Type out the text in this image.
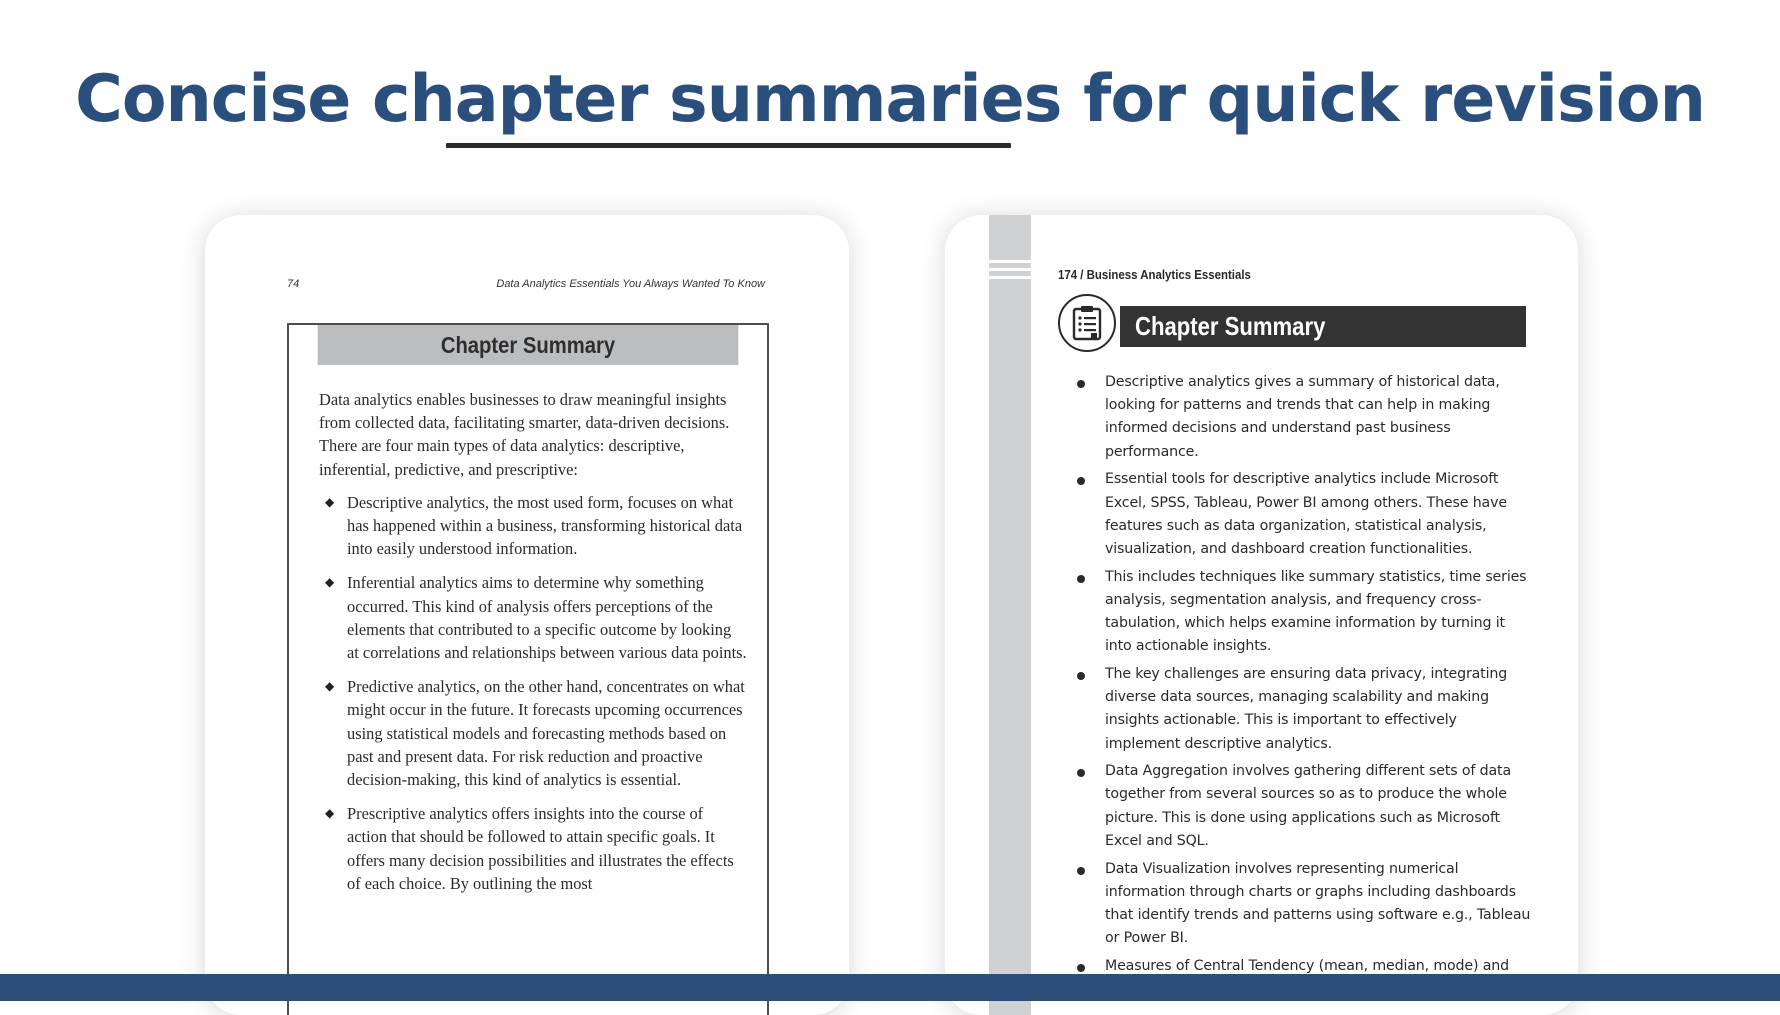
Concise chapter summaries for quick revision
74	Data Analytics Essentials You Always Wanted To Know
Chapter Summary

Data analytics enables businesses to draw meaningful insights from collected data, facilitating smarter, data-driven decisions. There are four main types of data analytics: descriptive, inferential, predictive, and prescriptive:

◆ Descriptive analytics, the most used form, focuses on what has happened within a business, transforming historical data into easily understood information.
◆ Inferential analytics aims to determine why something occurred. This kind of analysis offers perceptions of the elements that contributed to a specific outcome by looking at correlations and relationships between various data points.
◆ Predictive analytics, on the other hand, concentrates on what might occur in the future. It forecasts upcoming occurrences using statistical models and forecasting methods based on past and present data. For risk reduction and proactive decision-making, this kind of analytics is essential.
◆ Prescriptive analytics offers insights into the course of action that should be followed to attain specific goals. It offers many decision possibilities and illustrates the effects of each choice. By outlining the most
174 / Business Analytics Essentials
Chapter Summary
Descriptive analytics gives a summary of historical data, looking for patterns and trends that can help in making informed decisions and understand past business performance.
Essential tools for descriptive analytics include Microsoft Excel, SPSS, Tableau, Power BI among others. These have features such as data organization, statistical analysis, visualization, and dashboard creation functionalities.
This includes techniques like summary statistics, time series analysis, segmentation analysis, and frequency cross-tabulation, which helps examine information by turning it into actionable insights.
The key challenges are ensuring data privacy, integrating diverse data sources, managing scalability and making insights actionable. This is important to effectively implement descriptive analytics.
Data Aggregation involves gathering different sets of data together from several sources so as to produce the whole picture. This is done using applications such as Microsoft Excel and SQL.
Data Visualization involves representing numerical information through charts or graphs including dashboards that identify trends and patterns using software e.g., Tableau or Power BI.
Measures of Central Tendency (mean, median, mode) and
